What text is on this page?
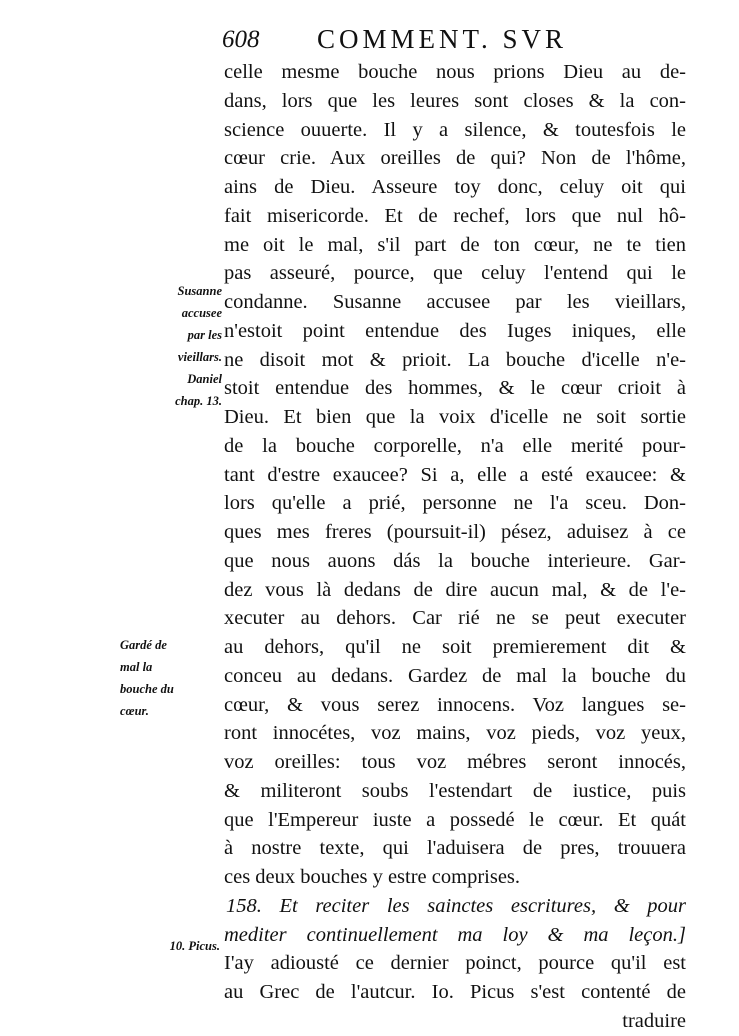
608 COMMENT. SVR
celle mesme bouche nous prions Dieu au de-
dans, lors que les leures sont closes & la con-
science ouuerte. Il y a silence, & toutesfois le
cœur crie. Aux oreilles de qui? Non de l'hôme,
ains de Dieu. Asseure toy donc, celuy oit qui
fait misericorde. Et de rechef, lors que nul hô-
me oit le mal, s'il part de ton cœur, ne te tien
pas asseuré, pource, que celuy l'entend qui le
condanne. Susanne accusee par les vieillars,
n'estoit point entendue des Iuges iniques, elle
ne disoit mot & prioit. La bouche d'icelle n'e-
stoit entendue des hommes, & le cœur crioit à
Dieu. Et bien que la voix d'icelle ne soit sortie
de la bouche corporelle, n'a elle merité pour-
tant d'estre exaucee? Si a, elle a esté exaucee: &
lors qu'elle a prié, personne ne l'a sceu. Don-
ques mes freres (poursuit-il) pésez, aduisez à ce
que nous auons dás la bouche interieure. Gar-
dez vous là dedans de dire aucun mal, & de l'e-
xecuter au dehors. Car rié ne se peut executer
au dehors, qu'il ne soit premierement dit &
conceu au dedans. Gardez de mal la bouche du
cœur, & vous serez innocens. Voz langues se-
ront innocétes, voz mains, voz pieds, voz yeux,
voz oreilles: tous voz mébres seront innocés,
& militeront soubs l'estendart de iustice, puis
que l'Empereur iuste a possedé le cœur. Et quát
à nostre texte, qui l'aduisera de pres, trouuera
ces deux bouches y estre comprises.
158. Et reciter les sainctes escritures, & pour
mediter continuellement ma loy & ma leçon.]
I'ay adiousté ce dernier poinct, pource qu'il est
au Grec de l'autcur. Io. Picus s'est contenté de
traduire
Susanne
accusee
par les
vieillars.
Daniel
chap. 13.
Gardé de
mal la
bouche du
cœur.
10. Picus.
